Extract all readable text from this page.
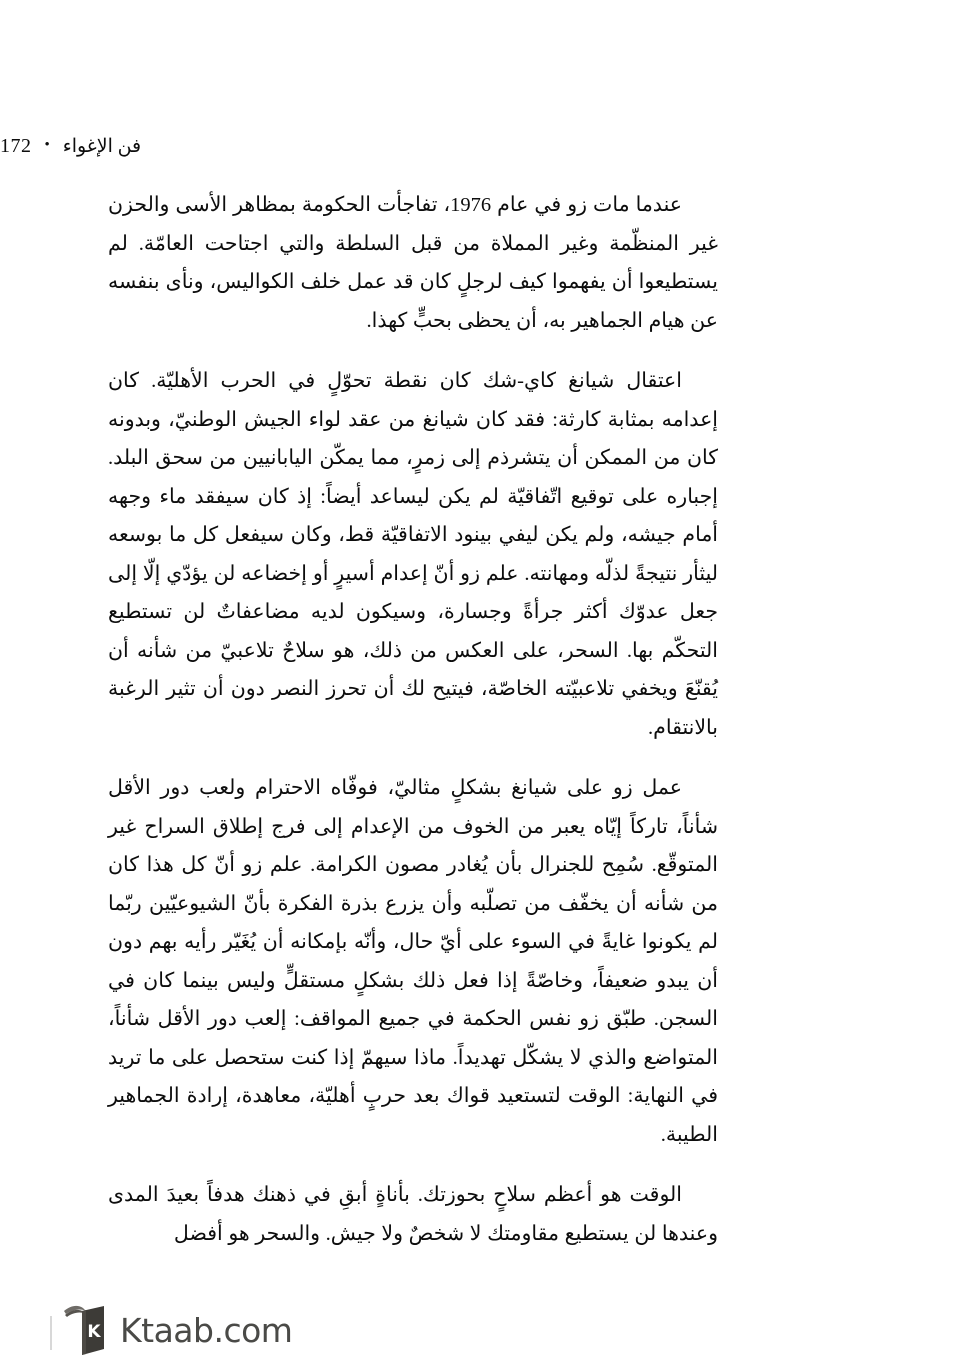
فن الإغواء
•
172

عندما مات زو في عام 1976، تفاجأت الحكومة بمظاهر الأسى والحزن غير المنظّمة وغير المملاة من قبل السلطة والتي اجتاحت العامّة. لم يستطيعوا أن يفهموا كيف لرجلٍ كان قد عمل خلف الكواليس، ونأى بنفسه عن هيام الجماهير به، أن يحظى بحبٍّ كهذا.

اعتقال شيانغ كاي-شك كان نقطة تحوّلٍ في الحرب الأهليّة. كان إعدامه بمثابة كارثة: فقد كان شيانغ من عقد لواء الجيش الوطنيّ، وبدونه كان من الممكن أن يتشرذم إلى زمرٍ، مما يمكّن اليابانيين من سحق البلد. إجباره على توقيع اتّفاقيّة لم يكن ليساعد أيضاً: إذ كان سيفقد ماء وجهه أمام جيشه، ولم يكن ليفي بينود الاتفاقيّة قط، وكان سيفعل كل ما بوسعه ليثأر نتيجةً لذلّه ومهانته. علم زو أنّ إعدام أسيرٍ أو إخضاعه لن يؤدّي إلّا إلى جعل عدوّك أكثر جرأةً وجسارة، وسيكون لديه مضاعفاتٌ لن تستطيع التحكّم بها. السحر، على العكس من ذلك، هو سلاحٌ تلاعبيّ من شأنه أن يُقنّعَ ويخفي تلاعبيّته الخاصّة، فيتيح لك أن تحرز النصر دون أن تثير الرغبة بالانتقام.

عمل زو على شيانغ بشكلٍ مثاليّ، فوفّاه الاحترام ولعب دور الأقل شأناً، تاركاً إيّاه يعبر من الخوف من الإعدام إلى فرج إطلاق السراح غير المتوقّع. سُمِح للجنرال بأن يُغادر مصون الكرامة. علم زو أنّ كل هذا كان من شأنه أن يخفّف من تصلّبه وأن يزرع بذرة الفكرة بأنّ الشيوعيّين ربّما لم يكونوا غايةً في السوء على أيّ حال، وأنّه بإمكانه أن يُغَيّر رأيه بهم دون أن يبدو ضعيفاً، وخاصّةً إذا فعل ذلك بشكلٍ مستقلٍّ وليس بينما كان في السجن. طبّق زو نفس الحكمة في جميع المواقف: إلعب دور الأقل شأناً، المتواضع والذي لا يشكّل تهديداً. ماذا سيهمّ إذا كنت ستحصل على ما تريد في النهاية: الوقت لتستعيد قواك بعد حربٍ أهليّة، معاهدة، إرادة الجماهير الطيبة.

الوقت هو أعظم سلاحٍ بحوزتك. بأناةٍ أبقِ في ذهنك هدفاً بعيدَ المدى وعندها لن يستطيع مقاومتك لا شخصٌ ولا جيش. والسحر هو أفضل

K Ktaab.com
